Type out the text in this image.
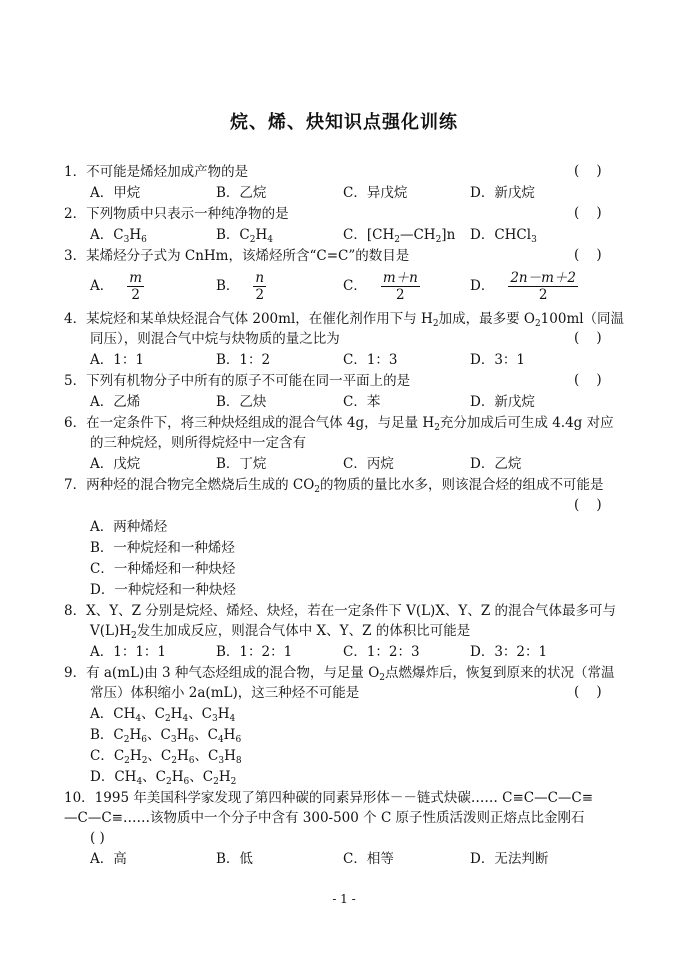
烷、烯、炔知识点强化训练
1．不可能是烯烃加成产物的是	(    )
A．甲烷	B．乙烷	C．异戊烷	D．新戊烷
2．下列物质中只表示一种纯净物的是	(    )
A．$C_3H_6$	B．$C_2H_4$	C．$[CH_2—CH_2]n$ D．CHCl$_3$
3．某烯烃分子式为 CnHm，该烯烃所含“C=C”的数目是	(    )
A． $\frac{m}{2}$	B． $\frac{n}{2}$	C． $\frac{m+n}{2}$	D． $\frac{2n-m+2}{2}$
4．某烷烃和某单炔烃混合气体 200ml，在催化剂作用下与 $H_2$加成，最多要 $O_2100ml$（同温
同压），则混合气中烷与炔物质的量之比为	(    )
A．1：1	B．1：2	C．1：3	D．3：1
5．下列有机物分子中所有的原子不可能在同一平面上的是	(    )
A．乙烯	B．乙炔	C．苯	D．新戊烷
6．在一定条件下，将三种炔烃组成的混合气体 4g，与足量 $H_2$充分加成后可生成 4.4g 对应
的三种烷烃，则所得烷烃中一定含有
A．戊烷	B．丁烷	C．丙烷	D．乙烷
7．两种烃的混合物完全燃烧后生成的 $CO_2$的物质的量比水多，则该混合烃的组成不可能是
(    )
A．两种烯烃
B．一种烷烃和一种烯烃
C．一种烯烃和一种炔烃
D．一种烷烃和一种炔烃
8．X、Y、Z 分别是烷烃、烯烃、炔烃，若在一定条件下 V(L)X、Y、Z 的混合气体最多可与
$V(L)H_2$发生加成反应，则混合气体中 X、Y、Z 的体积比可能是
A．1：1：1	B．1：2：1	C．1：2：3	D．3：2：1
9．有 a(mL)由 3 种气态烃组成的混合物，与足量 $O_2$点燃爆炸后，恢复到原来的状况（常温
常压）体积缩小 2a(mL)，这三种烃不可能是	(    )
A．$CH_4$、$C_2H_4$、$C_3H_4$
B．$C_2H_6$、$C_3H_6$、$C_4H_6$
C．$C_2H_2$、$C_2H_6$、$C_3H_8$
D．$CH_4$、$C_2H_6$、$C_2H_2$
10．1995 年美国科学家发现了第四种碳的同素异形体－－链式炔碳…… C≡C—C—C≡
—C—C≡……该物质中一个分子中含有 300-500 个 C 原子性质活泼则正熔点比金刚石
( )
A．高	B．低	C．相等	D．无法判断
- 1 -
